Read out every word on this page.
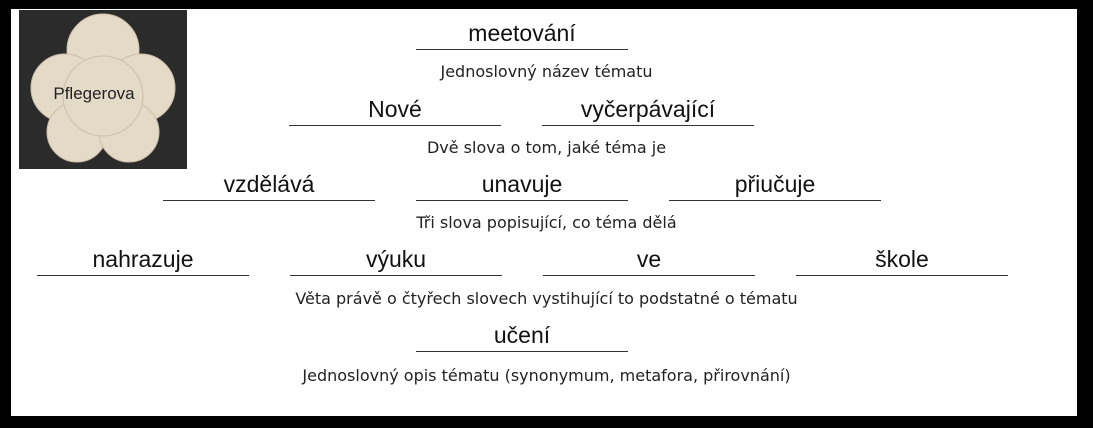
Pflegerova
meetování
Jednoslovný název tématu
Nové	vyčerpávající
Dvě slova o tom, jaké téma je
vzdělává	unavuje	přiučuje
Tři slova popisující, co téma dělá
nahrazuje	výuku	ve	škole
Věta právě o čtyřech slovech vystihující to podstatné o tématu
učení
Jednoslovný opis tématu (synonymum, metafora, přirovnání)
